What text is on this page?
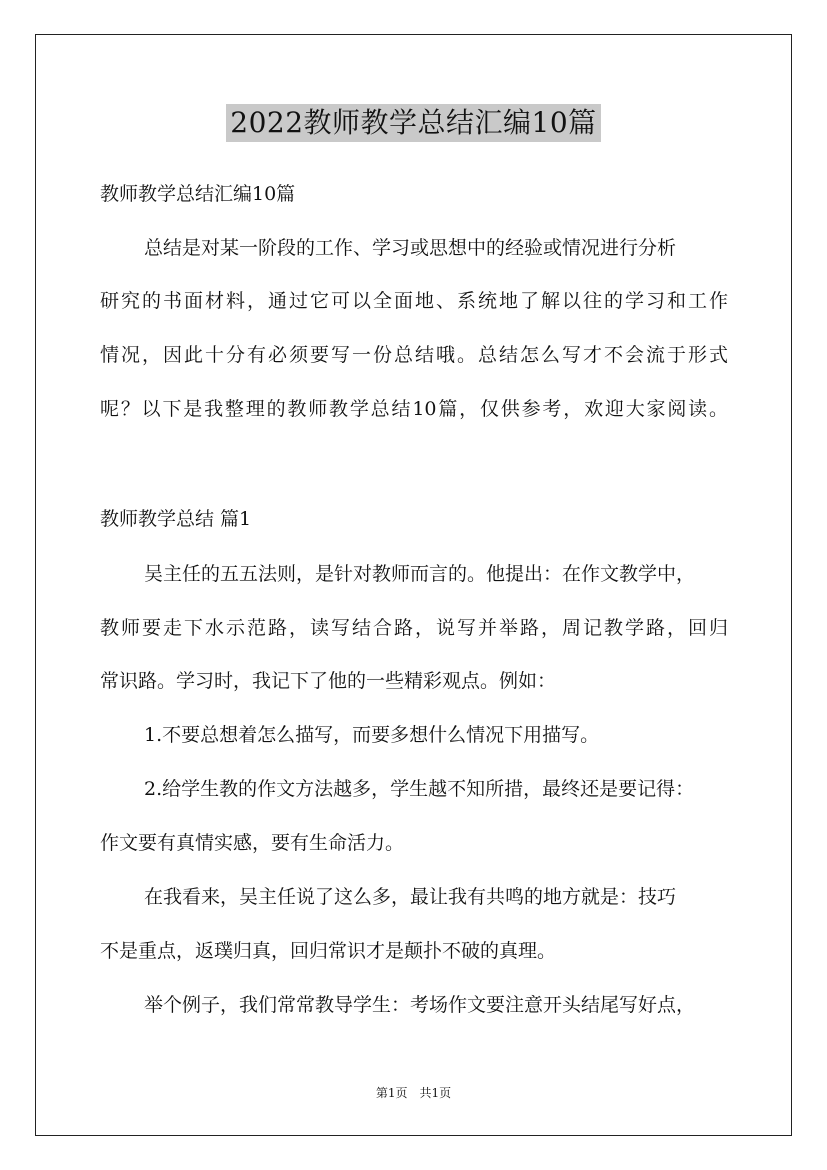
2022教师教学总结汇编10篇
教师教学总结汇编10篇
总结是对某一阶段的工作、学习或思想中的经验或情况进行分析
研究的书面材料，通过它可以全面地、系统地了解以往的学习和工作
情况，因此十分有必须要写一份总结哦。总结怎么写才不会流于形式
呢？以下是我整理的教师教学总结10篇，仅供参考，欢迎大家阅读。
教师教学总结 篇1
吴主任的五五法则，是针对教师而言的。他提出：在作文教学中，
教师要走下水示范路，读写结合路，说写并举路，周记教学路，回归
常识路。学习时，我记下了他的一些精彩观点。例如：
1.不要总想着怎么描写，而要多想什么情况下用描写。
2.给学生教的作文方法越多，学生越不知所措，最终还是要记得：
作文要有真情实感，要有生命活力。
在我看来，吴主任说了这么多，最让我有共鸣的地方就是：技巧
不是重点，返璞归真，回归常识才是颠扑不破的真理。
举个例子，我们常常教导学生：考场作文要注意开头结尾写好点，
第1页　共1页
